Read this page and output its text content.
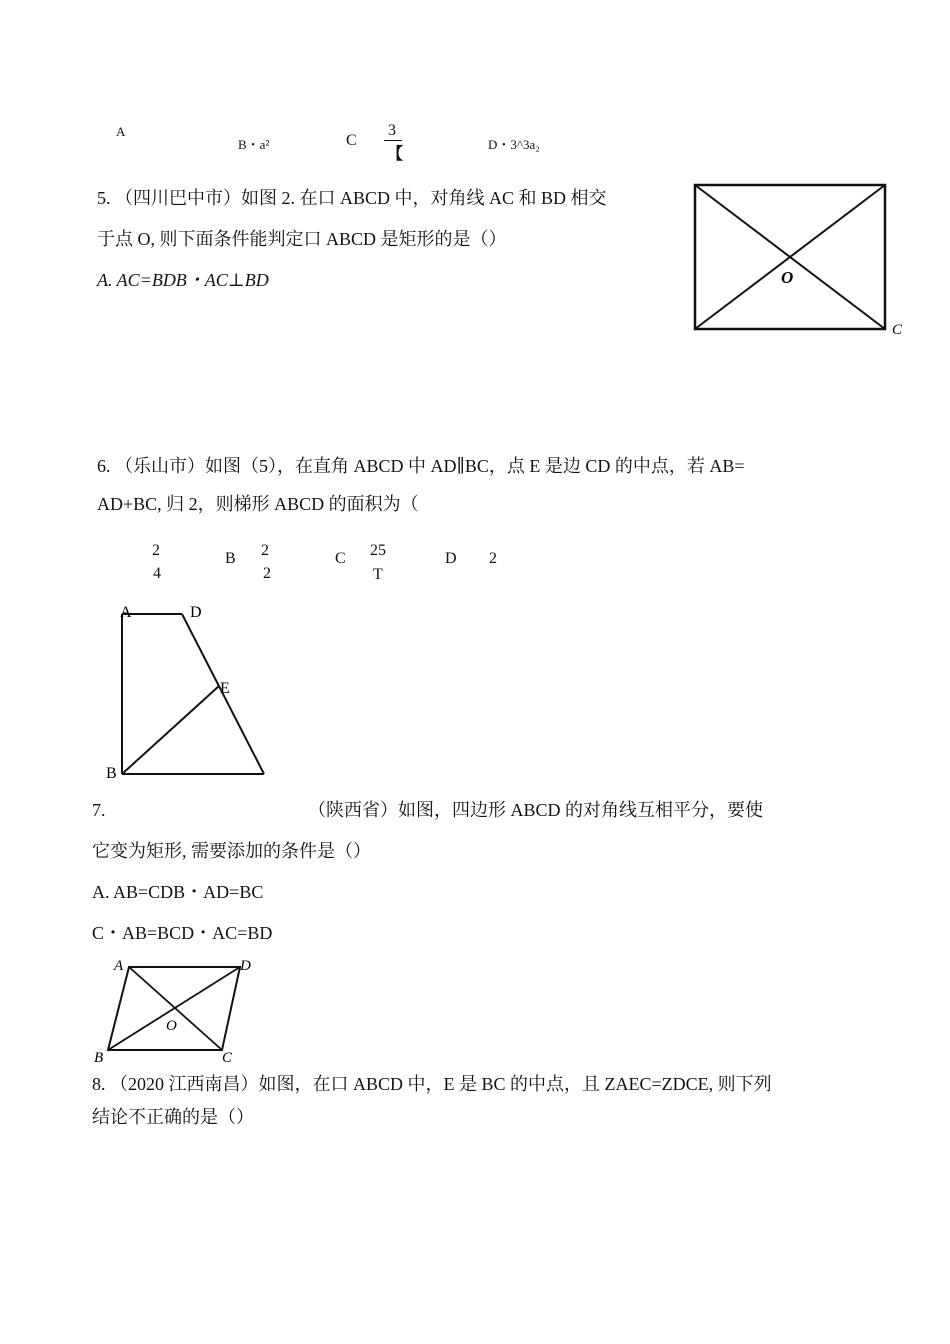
A
B・a²	C
3
【
D・3^3a₂
5. （四川巴中市）如图 2. 在口 ABCD 中，对角线 AC 和 BD 相交
于点 O, 则下面条件能判定口 ABCD 是矩形的是（）
A. AC=BDB・AC⊥BD	O
C
6. （乐山市）如图（5），在直角 ABCD 中 AD∥BC，点 E 是边 CD 的中点，若 AB=
AD+BC, 归 2，则梯形 ABCD 的面积为（
2
4
B 2
2
C 25
T
D 2
A	D
E
B
7.	（陕西省）如图，四边形 ABCD 的对角线互相平分，要使
它变为矩形, 需要添加的条件是（）
A. AB=CDB・AD=BC
C・AB=BCD・AC=BD
A	D
O
B	C
8. （2020 江西南昌）如图，在口 ABCD 中，E 是 BC 的中点，且 ZAEC=ZDCE, 则下列
结论不正确的是（）
